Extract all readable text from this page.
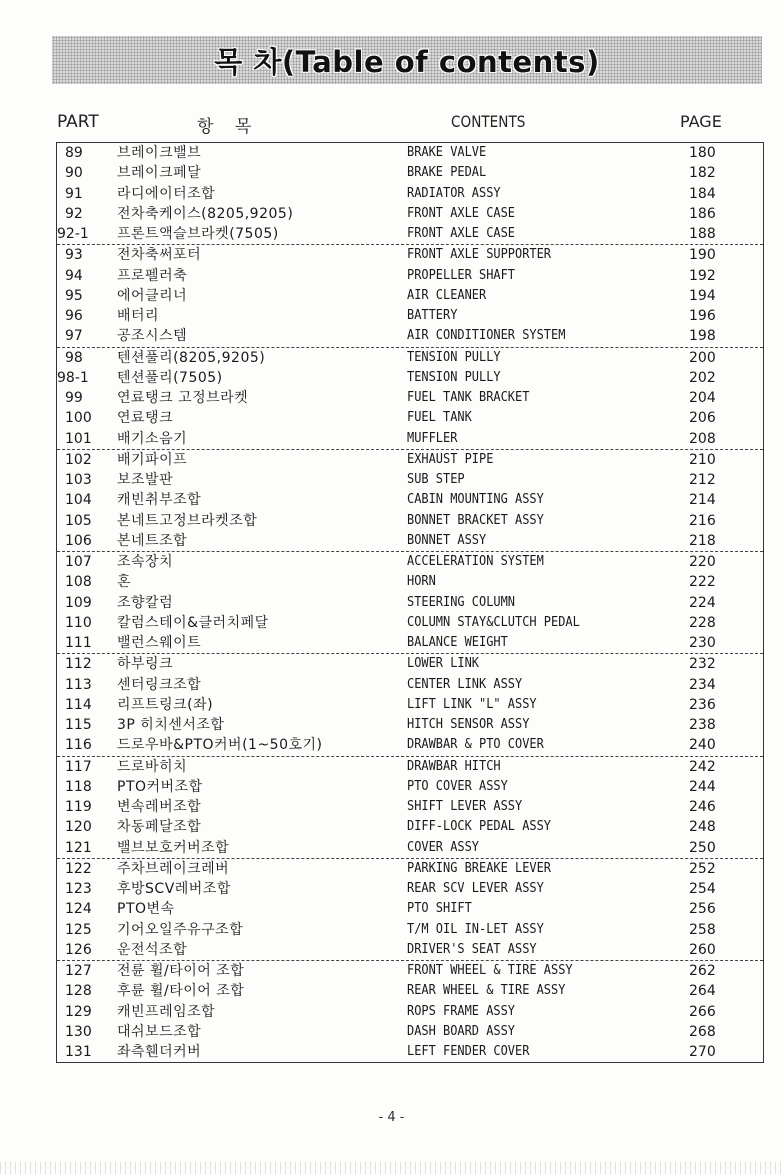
목 차(Table of contents)
PART	항 목	CONTENTS	PAGE
89	브레이크밸브	BRAKE VALVE	180
90	브레이크페달	BRAKE PEDAL	182
91	라디에이터조합	RADIATOR ASSY	184
92	전차축케이스(8205,9205)	FRONT AXLE CASE	186
92-1	프론트액슬브라켓(7505)	FRONT AXLE CASE	188
93	전차축써포터	FRONT AXLE SUPPORTER	190
94	프로펠러축	PROPELLER SHAFT	192
95	에어클리너	AIR CLEANER	194
96	배터리	BATTERY	196
97	공조시스템	AIR CONDITIONER SYSTEM	198
98	텐션풀리(8205,9205)	TENSION PULLY	200
98-1	텐션풀리(7505)	TENSION PULLY	202
99	연료탱크 고정브라켓	FUEL TANK BRACKET	204
100	연료탱크	FUEL TANK	206
101	배기소음기	MUFFLER	208
102	배기파이프	EXHAUST PIPE	210
103	보조발판	SUB STEP	212
104	캐빈취부조합	CABIN MOUNTING ASSY	214
105	본네트고정브라켓조합	BONNET BRACKET ASSY	216
106	본네트조합	BONNET ASSY	218
107	조속장치	ACCELERATION SYSTEM	220
108	혼	HORN	222
109	조향칼럼	STEERING COLUMN	224
110	칼럼스테이&클러치페달	COLUMN STAY&CLUTCH PEDAL	228
111	밸런스웨이트	BALANCE WEIGHT	230
112	하부링크	LOWER LINK	232
113	센터링크조합	CENTER LINK ASSY	234
114	리프트링크(좌)	LIFT LINK "L" ASSY	236
115	3P 히치센서조합	HITCH SENSOR ASSY	238
116	드로우바&PTO커버(1~50호기)	DRAWBAR & PTO COVER	240
117	드로바히치	DRAWBAR HITCH	242
118	PTO커버조합	PTO COVER ASSY	244
119	변속레버조합	SHIFT LEVER ASSY	246
120	차동페달조합	DIFF-LOCK PEDAL ASSY	248
121	밸브보호커버조합	COVER ASSY	250
122	주차브레이크레버	PARKING BREAKE LEVER	252
123	후방SCV레버조합	REAR SCV LEVER ASSY	254
124	PTO변속	PTO SHIFT	256
125	기어오일주유구조합	T/M OIL IN-LET ASSY	258
126	운전석조합	DRIVER'S SEAT ASSY	260
127	전륜 휠/타이어 조합	FRONT WHEEL & TIRE ASSY	262
128	후륜 휠/타이어 조합	REAR WHEEL & TIRE ASSY	264
129	캐빈프레임조합	ROPS FRAME ASSY	266
130	대쉬보드조합	DASH BOARD ASSY	268
131	좌측휀더커버	LEFT FENDER COVER	270
- 4 -
